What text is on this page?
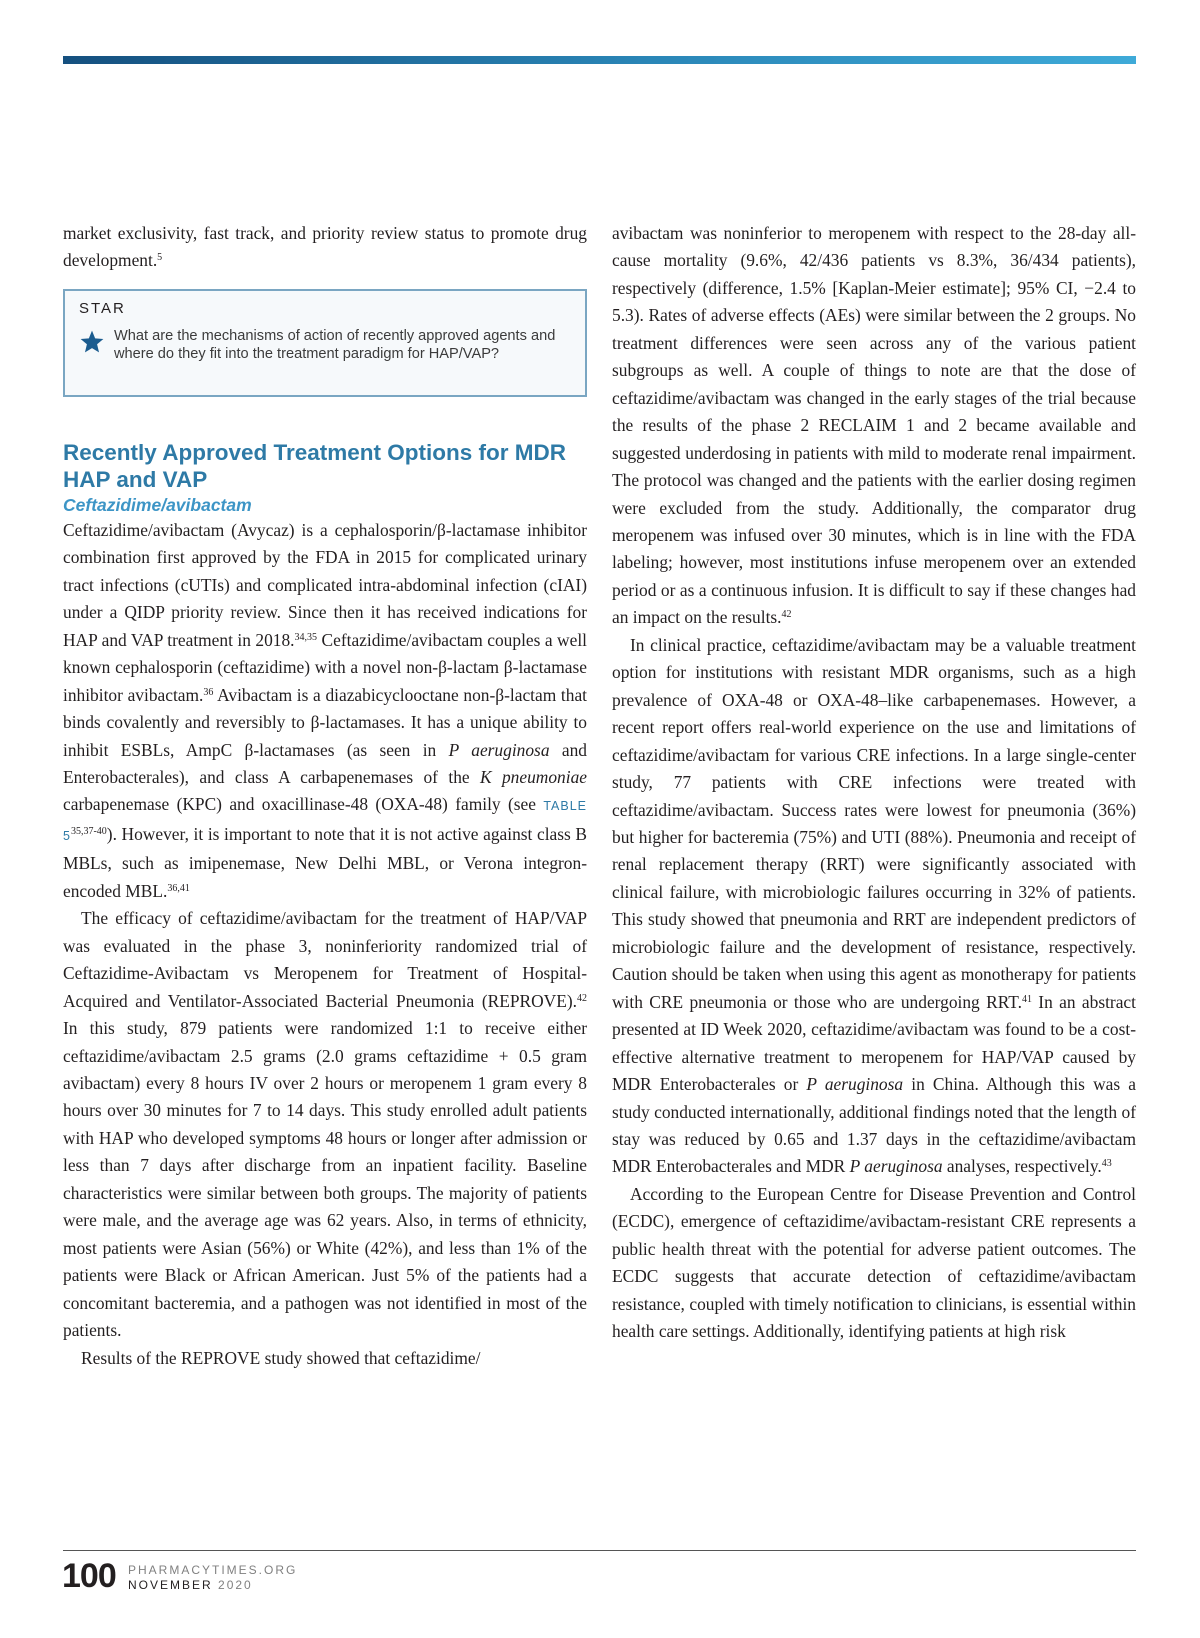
market exclusivity, fast track, and priority review status to promote drug development.$^5$

STAR
What are the mechanisms of action of recently approved agents and where do they fit into the treatment paradigm for HAP/VAP?
Recently Approved Treatment Options for MDR HAP and VAP
Ceftazidime/avibactam

Ceftazidime/avibactam (Avycaz) is a cephalosporin/β-lactamase inhibitor combination first approved by the FDA in 2015 for complicated urinary tract infections (cUTIs) and complicated intra-abdominal infection (cIAI) under a QIDP priority review. Since then it has received indications for HAP and VAP treatment in 2018.$^{34,35}$ Ceftazidime/avibactam couples a well known cephalosporin (ceftazidime) with a novel non-β-lactam β-lactamase inhibitor avibactam.$^{36}$ Avibactam is a diazabicyclooctane non-β-lactam that binds covalently and reversibly to β-lactamases. It has a unique ability to inhibit ESBLs, AmpC β-lactamases (as seen in P aeruginosa and Enterobacterales), and class A carbapenemases of the K pneumoniae carbapenemase (KPC) and oxacillinase-48 (OXA-48) family (see TABLE 5$^{35,37-40}$). However, it is important to note that it is not active against class B MBLs, such as imipenemase, New Delhi MBL, or Verona integron-encoded MBL.$^{36,41}$

The efficacy of ceftazidime/avibactam for the treatment of HAP/VAP was evaluated in the phase 3, noninferiority randomized trial of Ceftazidime-Avibactam vs Meropenem for Treatment of Hospital-Acquired and Ventilator-Associated Bacterial Pneumonia (REPROVE).$^{42}$ In this study, 879 patients were randomized 1:1 to receive either ceftazidime/avibactam 2.5 grams (2.0 grams ceftazidime + 0.5 gram avibactam) every 8 hours IV over 2 hours or meropenem 1 gram every 8 hours over 30 minutes for 7 to 14 days. This study enrolled adult patients with HAP who developed symptoms 48 hours or longer after admission or less than 7 days after discharge from an inpatient facility. Baseline characteristics were similar between both groups. The majority of patients were male, and the average age was 62 years. Also, in terms of ethnicity, most patients were Asian (56%) or White (42%), and less than 1% of the patients were Black or African American. Just 5% of the patients had a concomitant bacteremia, and a pathogen was not identified in most of the patients.

Results of the REPROVE study showed that ceftazidime/

avibactam was noninferior to meropenem with respect to the 28-day all-cause mortality (9.6%, 42/436 patients vs 8.3%, 36/434 patients), respectively (difference, 1.5% [Kaplan-Meier estimate]; 95% CI, −2.4 to 5.3). Rates of adverse effects (AEs) were similar between the 2 groups. No treatment differences were seen across any of the various patient subgroups as well. A couple of things to note are that the dose of ceftazidime/avibactam was changed in the early stages of the trial because the results of the phase 2 RECLAIM 1 and 2 became available and suggested underdosing in patients with mild to moderate renal impairment. The protocol was changed and the patients with the earlier dosing regimen were excluded from the study. Additionally, the comparator drug meropenem was infused over 30 minutes, which is in line with the FDA labeling; however, most institutions infuse meropenem over an extended period or as a continuous infusion. It is difficult to say if these changes had an impact on the results.$^{42}$

In clinical practice, ceftazidime/avibactam may be a valuable treatment option for institutions with resistant MDR organisms, such as a high prevalence of OXA-48 or OXA-48–like carbapenemases. However, a recent report offers real-world experience on the use and limitations of ceftazidime/avibactam for various CRE infections. In a large single-center study, 77 patients with CRE infections were treated with ceftazidime/avibactam. Success rates were lowest for pneumonia (36%) but higher for bacteremia (75%) and UTI (88%). Pneumonia and receipt of renal replacement therapy (RRT) were significantly associated with clinical failure, with microbiologic failures occurring in 32% of patients. This study showed that pneumonia and RRT are independent predictors of microbiologic failure and the development of resistance, respectively. Caution should be taken when using this agent as monotherapy for patients with CRE pneumonia or those who are undergoing RRT.$^{41}$ In an abstract presented at ID Week 2020, ceftazidime/avibactam was found to be a cost-effective alternative treatment to meropenem for HAP/VAP caused by MDR Enterobacterales or P aeruginosa in China. Although this was a study conducted internationally, additional findings noted that the length of stay was reduced by 0.65 and 1.37 days in the ceftazidime/avibactam MDR Enterobacterales and MDR P aeruginosa analyses, respectively.$^{43}$

According to the European Centre for Disease Prevention and Control (ECDC), emergence of ceftazidime/avibactam-resistant CRE represents a public health threat with the potential for adverse patient outcomes. The ECDC suggests that accurate detection of ceftazidime/avibactam resistance, coupled with timely notification to clinicians, is essential within health care settings. Additionally, identifying patients at high risk

100 PHARMACYTIMES.ORG
NOVEMBER 2020
